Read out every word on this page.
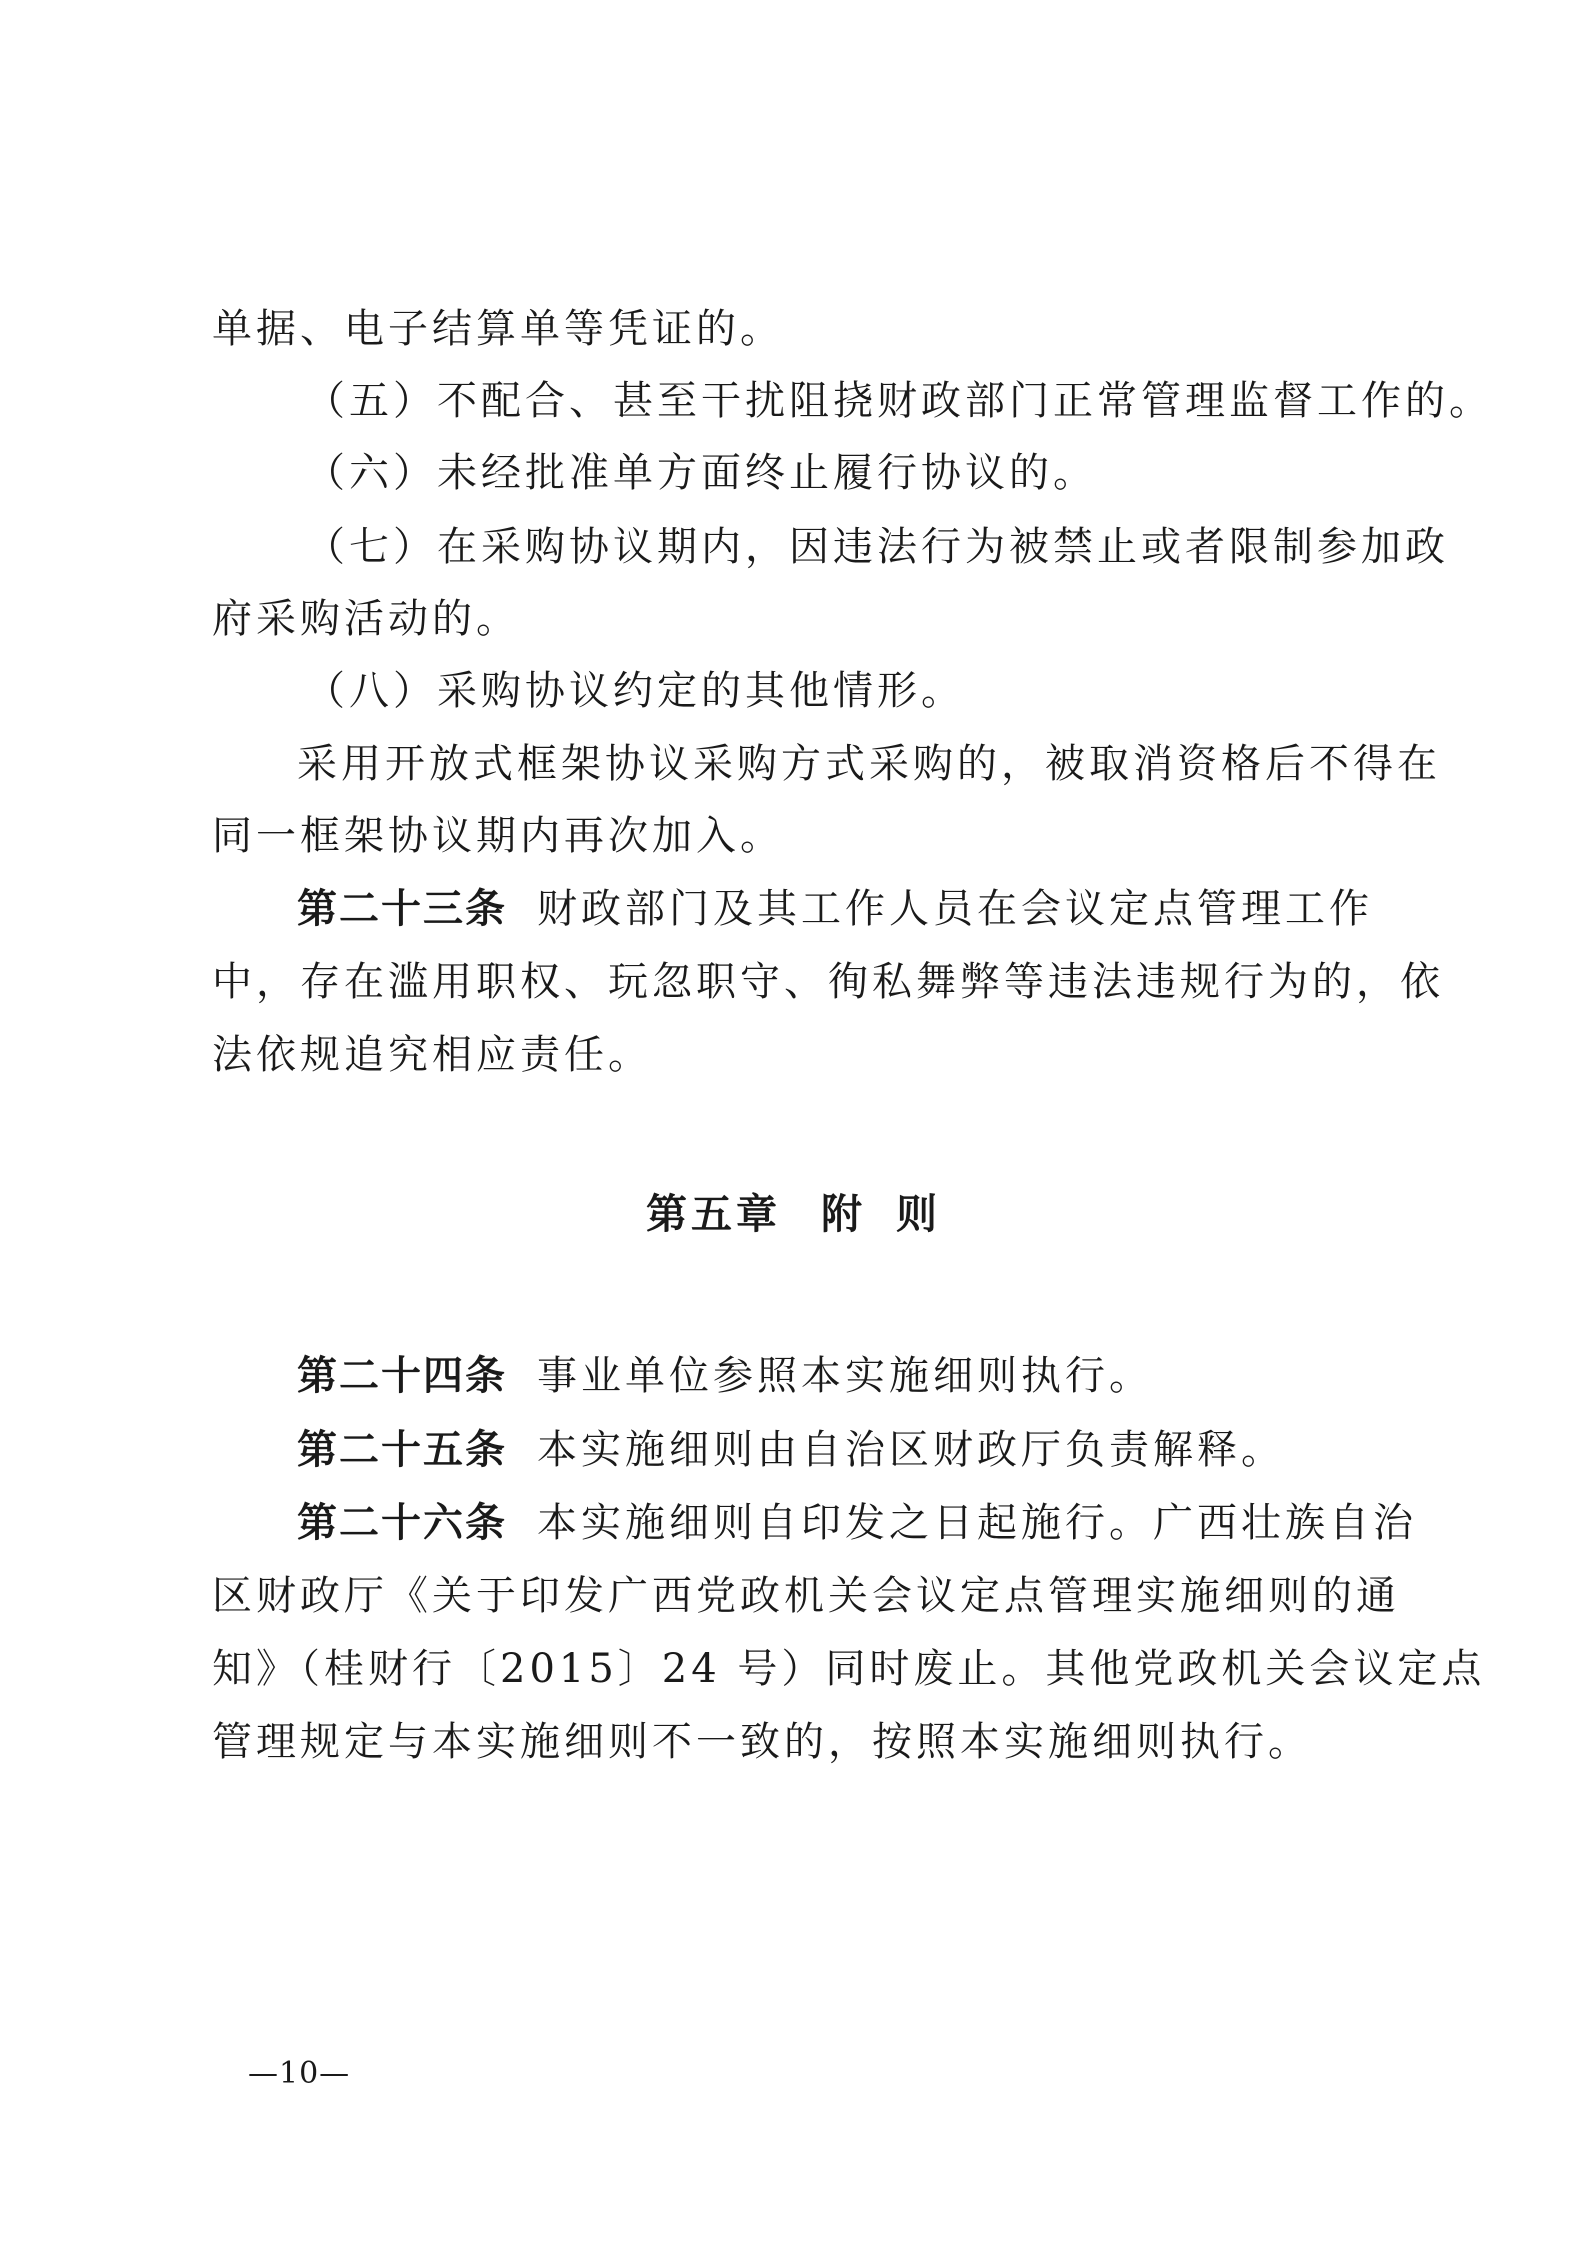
单据、电子结算单等凭证的。
（五）不配合、甚至干扰阻挠财政部门正常管理监督工作的。
（六）未经批准单方面终止履行协议的。
（七）在采购协议期内，因违法行为被禁止或者限制参加政
府采购活动的。
（八）采购协议约定的其他情形。
采用开放式框架协议采购方式采购的，被取消资格后不得在
同一框架协议期内再次加入。
第二十三条 财政部门及其工作人员在会议定点管理工作
中，存在滥用职权、玩忽职守、徇私舞弊等违法违规行为的，依
法依规追究相应责任。
第五章 附 则
第二十四条 事业单位参照本实施细则执行。
第二十五条 本实施细则由自治区财政厅负责解释。
第二十六条 本实施细则自印发之日起施行。广西壮族自治
区财政厅《关于印发广西党政机关会议定点管理实施细则的通
知》（桂财行〔2015〕24 号）同时废止。其他党政机关会议定点
管理规定与本实施细则不一致的，按照本实施细则执行。
—10—
